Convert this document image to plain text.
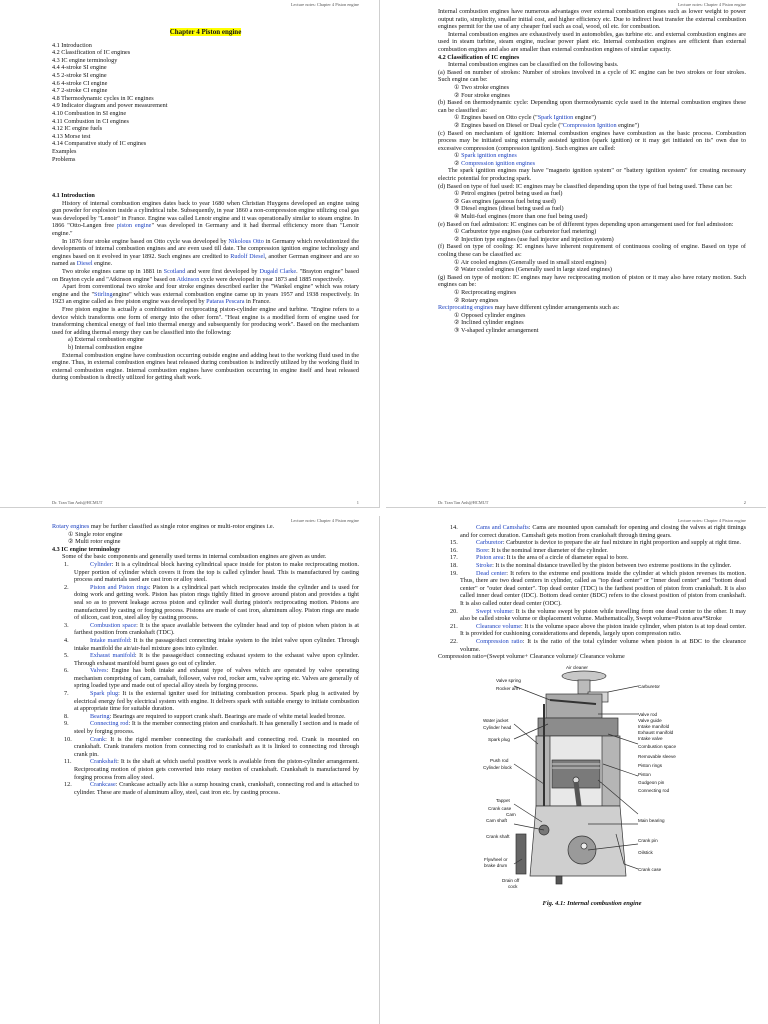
Lecture notes: Chapter 4 Piston engine
Chapter 4 Piston engine
4.1 Introduction
4.2 Classification of IC engines
4.3 IC engine terminology
4.4 4-stroke SI engine
4.5 2-stroke SI engine
4.6 4-stroke CI engine
4.7 2-stroke CI engine
4.8 Thermodynamic cycles in IC engines
4.9 Indicator diagram and power measurement
4.10 Combustion in SI engine
4.11 Combustion in CI engines
4.12 IC engine fuels
4.13 Morse test
4.14 Comparative study of IC engines
Examples
Problems
4.1 Introduction
History of internal combustion engines dates back to year 1680 when Christian Huygens developed an engine using gun powder for explosion inside a cylindrical tube. Subsequently, in year 1860 a non-compression engine utilizing coal gas was developed by "Lenoir" in France. Engine was called Lenoir engine and it was operationally similar to steam engine. In 1866 "Otto-Langen free piston engine" was developed in Germany and it had thermal efficiency more than "Lenoir engine."
In 1876 four stroke engine based on Otto cycle was developed by Nikolous Otto in Germany which revolutionized the developments of internal combustion engines and are even used till date. The compression ignition engine technology and engines based on it evolved in year 1892. Such engines are credited to Rudolf Diesel, another German engineer and are so named as Diesel engine.
Two stroke engines came up in 1881 in Scotland and were first developed by Dugald Clarke. "Brayton engine" based on Brayton cycle and "Atkinson engine" based on Atkinson cycle were developed in year 1873 and 1885 respectively.
Apart from conventional two stroke and four stroke engines described earlier the "Wankel engine" which was rotary engine and the "Stirlingengine" which was external combustion engine came up in years 1957 and 1938 respectively. In 1923 an engine called as free piston engine was developed by Pataras Pescara in France.
Free piston engine is actually a combination of reciprocating piston-cylinder engine and turbine. "Engine refers to a device which transforms one form of energy into the other form". "Heat engine is a modified form of engine used for transforming chemical energy of fuel into thermal energy and subsequently for producing work". Based on the mechanism used for adding thermal energy they can be classified into the following:
a) External combustion engine
b) Internal combustion engine
External combustion engine have combustion occurring outside engine and adding heat to the working fluid used in the engine. Thus, in external combustion engines heat released during combustion is indirectly utilized by the working fluid in external combustion engine. Internal combustion engines have combustion occurring in engine itself and heat released during combustion is directly utilized for getting shaft work.
Dr. Tran Tan Anh@HCMUT	1
Lecture notes: Chapter 4 Piston engine
Internal combustion engines have numerous advantages over external combustion engines such as lower weight to power output ratio, simplicity, smaller initial cost, and higher efficiency etc. Due to indirect heat transfer the external combustion engines permit for the use of any cheaper fuel such as coal, wood, oil etc. for combustion.
Internal combustion engines are exhaustively used in automobiles, gas turbine etc. and external combustion engines are used in steam turbine, steam engine, nuclear power plant etc. Internal combustion engines are efficient than external combustion engines and also are smaller than external combustion engines of similar capacity.
4.2 Classification of IC engines
Internal combustion engines can be classified on the following basis.
(a) Based on number of strokes: Number of strokes involved in a cycle of IC engine can be two strokes or four strokes. Such engine can be:
① Two stroke engines
② Four stroke engines
(b) Based on thermodynamic cycle: Depending upon thermodynamic cycle used in the internal combustion engines these can be classified as:
① Engines based on Otto cycle ("Spark Ignition engine")
② Engines based on Diesel or Dual cycle ("Compression Ignition engine")
(c) Based on mechanism of ignition: Internal combustion engines have combustion as the basic process. Combustion process may be initiated using externally assisted ignition (spark ignition) or it may get initiated on its" own due to excessive compression (compression ignition). Such engines are called:
① Spark ignition engines
② Compression ignition engines
The spark ignition engines may have "magneto ignition system" or "battery ignition system" for creating necessary electric potential for producing spark.
(d) Based on type of fuel used: IC engines may be classified depending upon the type of fuel being used. These can be:
① Petrol engines (petrol being used as fuel)
② Gas engines (gaseous fuel being used)
③ Diesel engines (diesel being used as fuel)
④ Multi-fuel engines (more than one fuel being used)
(e) Based on fuel admission: IC engines can be of different types depending upon arrangement used for fuel admission:
① Carburetor type engines (use carburetor fuel metering)
② Injection type engines (use fuel injector and injection system)
(f) Based on type of cooling: IC engines have inherent requirement of continuous cooling of engine. Based on type of cooling these can be classified as:
① Air cooled engines (Generally used in small sized engines)
② Water cooled engines (Generally used in large sized engines)
(g) Based on type of motion: IC engines may have reciprocating motion of piston or it may also have rotary motion. Such engines can be:
① Reciprocating engines
② Rotary engines
Reciprocating engines may have different cylinder arrangements such as:
① Opposed cylinder engines
② Inclined cylinder engines
③ V-shaped cylinder arrangement
Dr. Tran Tan Anh@HCMUT	2
Lecture notes: Chapter 4 Piston engine
Rotary engines may be further classified as single rotor engines or multi-rotor engines i.e.
① Single rotor engine
② Multi rotor engine
4.3 IC engine terminology
Some of the basic components and generally used terms in internal combustion engines are given as under.
1.	Cylinder: It is a cylindrical block having cylindrical space inside for piston to make reciprocating motion. Upper portion of cylinder which covers it from the top is called cylinder head. This is manufactured by casting process and materials used are cast iron or alloy steel.
2.	Piston and Piston rings: Piston is a cylindrical part which reciprocates inside the cylinder and is used for doing work and getting work. Piston has piston rings tightly fitted in groove around piston and provides a tight seal so as to prevent leakage across piston and cylinder wall during piston's reciprocating motion. Pistons are manufactured by casting or forging process. Pistons are made of cast iron, aluminum alloy. Piston rings are made of silicon, cast iron, steel alloy by casting process.
3.	Combustion space: It is the space available between the cylinder head and top of piston when piston is at farthest position from crankshaft (TDC).
4.	Intake manifold: It is the passage/duct connecting intake system to the inlet valve upon cylinder. Through intake manifold the air/air-fuel mixture goes into cylinder.
5.	Exhaust manifold: It is the passage/duct connecting exhaust system to the exhaust valve upon cylinder. Through exhaust manifold burnt gases go out of cylinder.
6.	Valves: Engine has both intake and exhaust type of valves which are operated by valve operating mechanism comprising of cam, camshaft, follower, valve rod, rocker arm, valve spring etc. Valves are generally of spring loaded type and made out of special alloy steels by forging process.
7.	Spark plug: It is the external igniter used for initiating combustion process. Spark plug is activated by electrical energy fed by electrical system with engine. It delivers spark with suitable energy to initiate combustion at appropriate time for suitable duration.
8.	Bearing: Bearings are required to support crank shaft. Bearings are made of white metal leaded bronze.
9.	Connecting rod: It is the member connecting piston and crankshaft. It has generally I section and is made of steel by forging process.
10.	Crank: It is the rigid member connecting the crankshaft and connecting rod. Crank is mounted on crankshaft. Crank transfers motion from connecting rod to crankshaft as it is linked to connecting rod through crank pin.
11.	Crankshaft: It is the shaft at which useful positive work is available from the piston-cylinder arrangement. Reciprocating motion of piston gets converted into rotary motion of crankshaft. Crankshaft is manufactured by forging process from alloy steel.
12.	Crankcase: Crankcase actually acts like a sump housing crank, crankshaft, connecting rod and is attached to cylinder. These are made of aluminum alloy, steel, cast iron etc. by casting process.
Lecture notes: Chapter 4 Piston engine
14.	Cams and Camshafts: Cams are mounted upon camshaft for opening and closing the valves at right timings and for correct duration. Camshaft gets motion from crankshaft through timing gears.
15.	Carburetor: Carburetor is device to prepare the air fuel mixture in right proportion and supply at right time.
16.	Bore: It is the nominal inner diameter of the cylinder.
17.	Piston area: It is the area of a circle of diameter equal to bore.
18.	Stroke: It is the nominal distance travelled by the piston between two extreme positions in the cylinder.
19.	Dead center: It refers to the extreme end positions inside the cylinder at which piston reverses its motion. Thus, there are two dead centers in cylinder, called as "top dead center" or "inner dead center" and "bottom dead center" or "outer dead center". Top dead center (TDC) is the farthest position of piston from crankshaft. It is also called inner dead center (IDC). Bottom dead center (BDC) refers to the closest position of piston from crankshaft. It is also called outer dead center (ODC).
20.	Swept volume: It is the volume swept by piston while travelling from one dead center to the other. It may also be called stroke volume or displacement volume. Mathematically, Swept volume=Piston area*Stroke
21.	Clearance volume: It is the volume space above the piston inside cylinder, when piston is at top dead center. It is provided for cushioning considerations and depends, largely upon compression ratio.
22.	Compression ratio: It is the ratio of the total cylinder volume when piston is at BDC to the clearance volume.
Compression ratio=(Swept volume+ Clearance volume)/ Clearance volume
Air cleaner
Carburetor
Valve spring
Rocker arm
Water jacket
Cylinder head
Spark plug
Valve rod
Valve guide
Intake manifold
Exhaust manifold
Intake valve
Combustion space
Push rod
Cylinder block
Removable sleeve
Piston rings
Piston
Tappet
Gudgeon pin
Crank case
Cam
Cam shaft
Connecting rod
Main bearing
Crank shaft
Crank pin
Flywheel or
brake drum
Oilstick
Crank case
Drain off
cock
Fig. 4.1: Internal combustion engine
